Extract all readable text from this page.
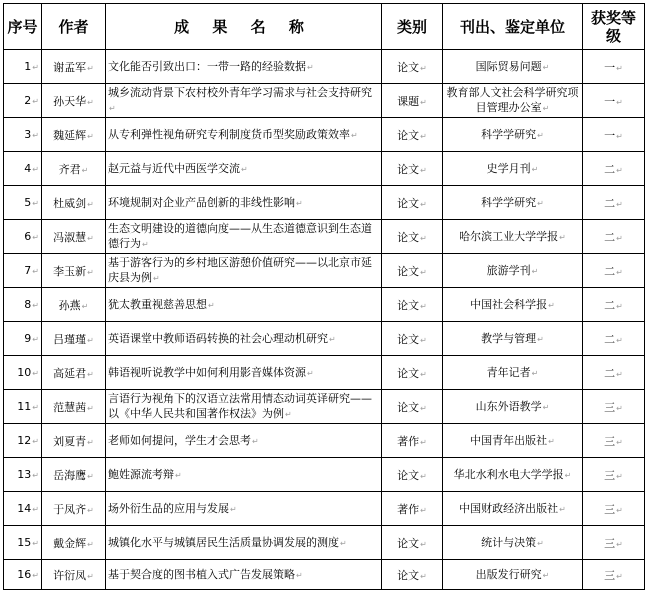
序号	作者	成 果 名 称	类别	刊出、鉴定单位	获奖等级
1↵	谢孟军↵	文化能否引致出口：一带一路的经验数据↵	论文↵	国际贸易问题↵	一↵
2↵	孙天华↵	城乡流动背景下农村校外青年学习需求与社会支持研究↵	课题↵	教育部人文社会科学研究项目管理办公室↵	一↵
3↵	魏延辉↵	从专利弹性视角研究专利制度货币型奖励政策效率↵	论文↵	科学学研究↵	一↵
4↵	齐君↵	赵元益与近代中西医学交流↵	论文↵	史学月刊↵	二↵
5↵	杜威剑↵	环境规制对企业产品创新的非线性影响↵	论文↵	科学学研究↵	二↵
6↵	冯淑慧↵	生态文明建设的道德向度——从生态道德意识到生态道德行为↵	论文↵	哈尔滨工业大学学报↵	二↵
7↵	李玉新↵	基于游客行为的乡村地区游憩价值研究——以北京市延庆县为例↵	论文↵	旅游学刊↵	二↵
8↵	孙燕↵	犹太教重视慈善思想↵	论文↵	中国社会科学报↵	二↵
9↵	吕瑾瑾↵	英语课堂中教师语码转换的社会心理动机研究↵	论文↵	教学与管理↵	二↵
10↵	高延君↵	韩语视听说教学中如何利用影音媒体资源↵	论文↵	青年记者↵	二↵
11↵	范慧茜↵	言语行为视角下的汉语立法常用情态动词英译研究——以《中华人民共和国著作权法》为例↵	论文↵	山东外语教学↵	三↵
12↵	刘夏青↵	老师如何提问，学生才会思考↵	著作↵	中国青年出版社↵	三↵
13↵	岳海鹰↵	鲍姓源流考辩↵	论文↵	华北水利水电大学学报↵	三↵
14↵	于凤齐↵	场外衍生品的应用与发展↵	著作↵	中国财政经济出版社↵	三↵
15↵	戴金辉↵	城镇化水平与城镇居民生活质量协调发展的测度↵	论文↵	统计与决策↵	三↵
16↵	许衍凤↵	基于契合度的图书植入式广告发展策略↵	论文↵	出版发行研究↵	三↵
